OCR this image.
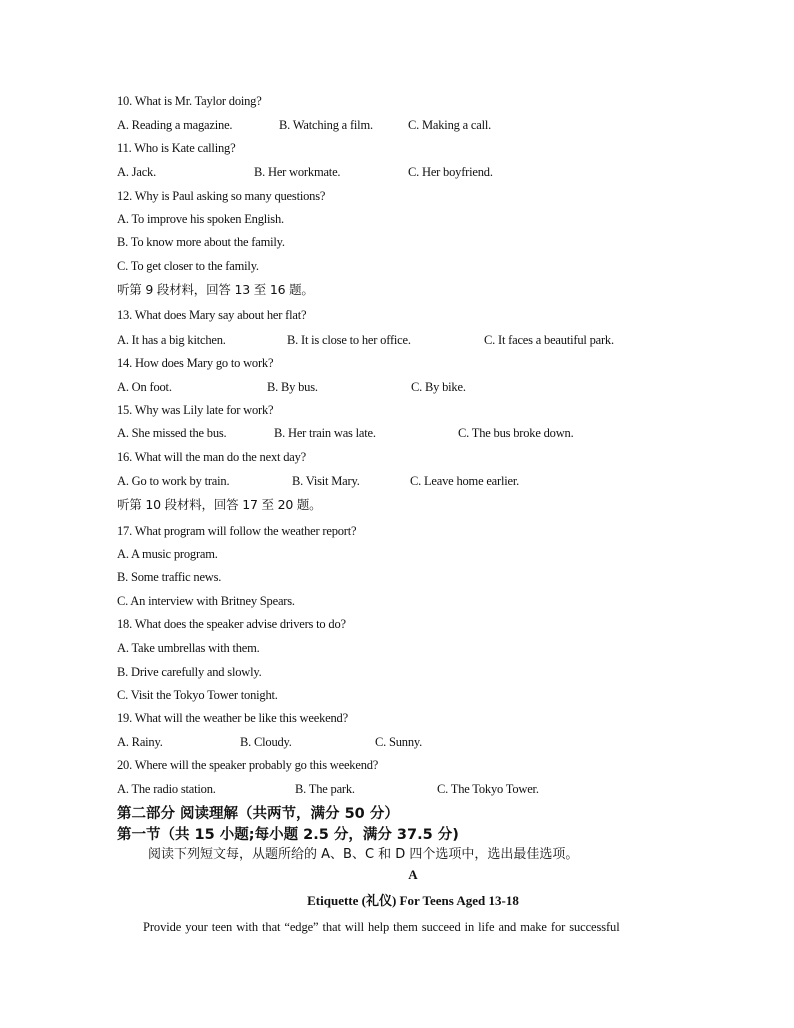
10. What is Mr. Taylor doing?
A. Reading a magazine.	B. Watching a film.	C. Making a call.
11. Who is Kate calling?
A. Jack.	B. Her workmate.	C. Her boyfriend.
12. Why is Paul asking so many questions?
A. To improve his spoken English.
B. To know more about the family.
C. To get closer to the family.
听第 9 段材料，回答 13 至 16 题。
13. What does Mary say about her flat?
A. It has a big kitchen.	B. It is close to her office.	C. It faces a beautiful park.
14. How does Mary go to work?
A. On foot.	B. By bus.	C. By bike.
15. Why was Lily late for work?
A. She missed the bus.	B. Her train was late.	C. The bus broke down.
16. What will the man do the next day?
A. Go to work by train.	B. Visit Mary.	C. Leave home earlier.
听第 10 段材料，回答 17 至 20 题。
17. What program will follow the weather report?
A. A music program.
B. Some traffic news.
C. An interview with Britney Spears.
18. What does the speaker advise drivers to do?
A. Take umbrellas with them.
B. Drive carefully and slowly.
C. Visit the Tokyo Tower tonight.
19. What will the weather be like this weekend?
A. Rainy.	B. Cloudy.	C. Sunny.
20. Where will the speaker probably go this weekend?
A. The radio station.	B. The park.	C. The Tokyo Tower.
第二部分 阅读理解（共两节，满分 50 分）
第一节（共 15 小题;每小题 2.5 分，满分 37.5 分)
阅读下列短文每，从题所给的 A、B、C 和 D 四个选项中，选出最佳选项。
A
Etiquette (礼仪) For Teens Aged 13-18
Provide your teen with that “edge” that will help them succeed in life and make for successful
